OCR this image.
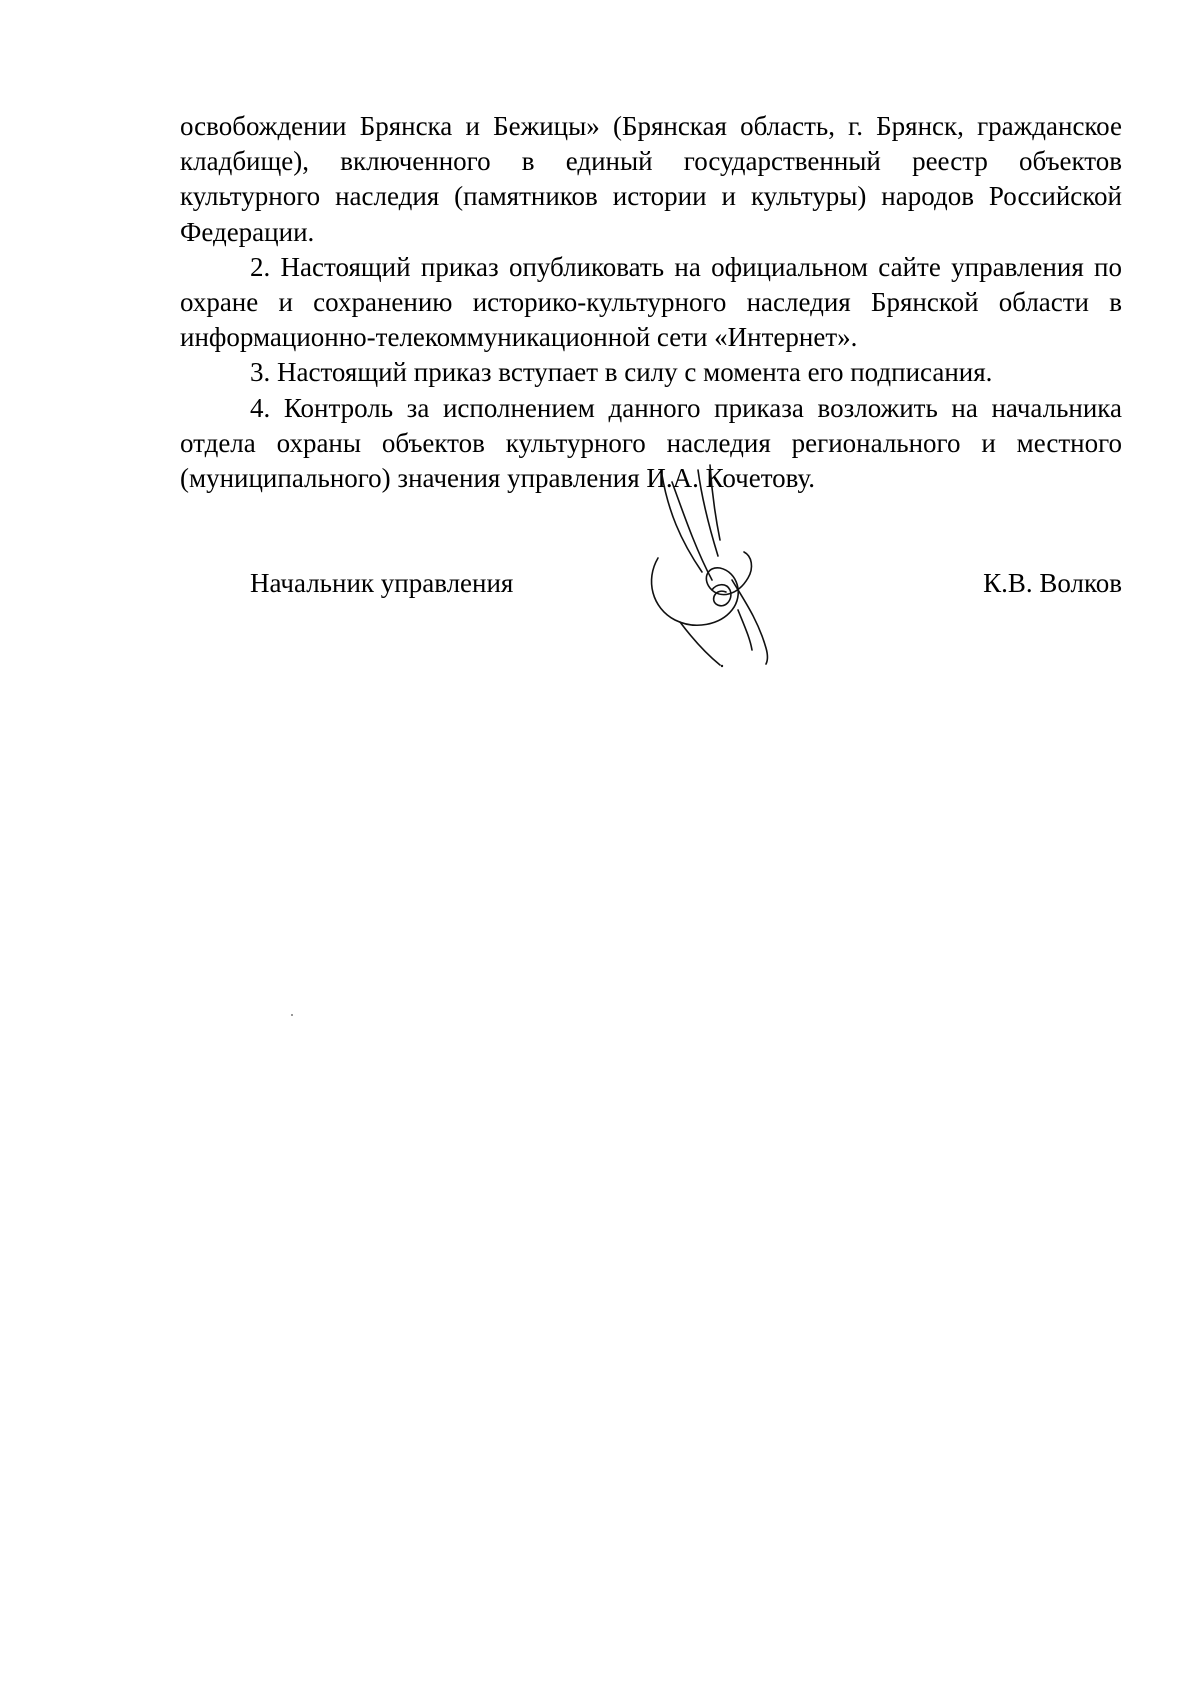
освобождении Брянска и Бежицы» (Брянская область, г. Брянск, гражданское кладбище), включенного в единый государственный реестр объектов культурного наследия (памятников истории и культуры) народов Российской Федерации.

2. Настоящий приказ опубликовать на официальном сайте управления по охране и сохранению историко-культурного наследия Брянской области в информационно-телекоммуникационной сети «Интернет».

3. Настоящий приказ вступает в силу с момента его подписания.

4. Контроль за исполнением данного приказа возложить на начальника отдела охраны объектов культурного наследия регионального и местного (муниципального) значения управления И.А. Кочетову.

Начальник управления	К.В. Волков
